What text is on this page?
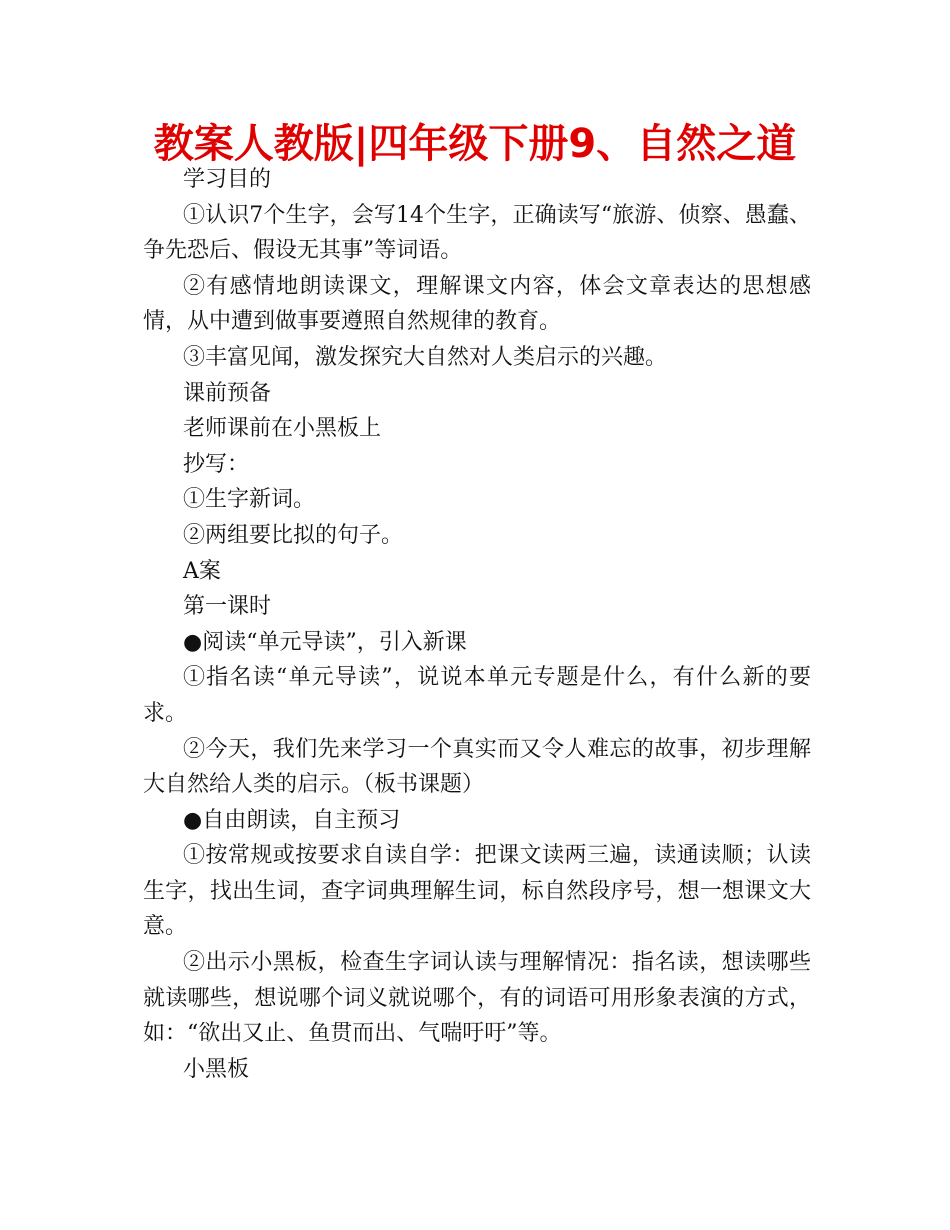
教案人教版|四年级下册9、自然之道

学习目的

①认识7个生字，会写14个生字，正确读写“旅游、侦察、愚蠢、争先恐后、假设无其事”等词语。

②有感情地朗读课文，理解课文内容，体会文章表达的思想感情，从中遭到做事要遵照自然规律的教育。

③丰富见闻，激发探究大自然对人类启示的兴趣。

课前预备

老师课前在小黑板上

抄写：

①生字新词。

②两组要比拟的句子。

A案

第一课时

●阅读“单元导读”，引入新课

①指名读“单元导读”，说说本单元专题是什么，有什么新的要求。

②今天，我们先来学习一个真实而又令人难忘的故事，初步理解大自然给人类的启示。（板书课题）

●自由朗读，自主预习

①按常规或按要求自读自学：把课文读两三遍，读通读顺；认读生字，找出生词，查字词典理解生词，标自然段序号，想一想课文大意。

②出示小黑板，检查生字词认读与理解情况：指名读，想读哪些就读哪些，想说哪个词义就说哪个，有的词语可用形象表演的方式，如：“欲出又止、鱼贯而出、气喘吁吁”等。

小黑板
